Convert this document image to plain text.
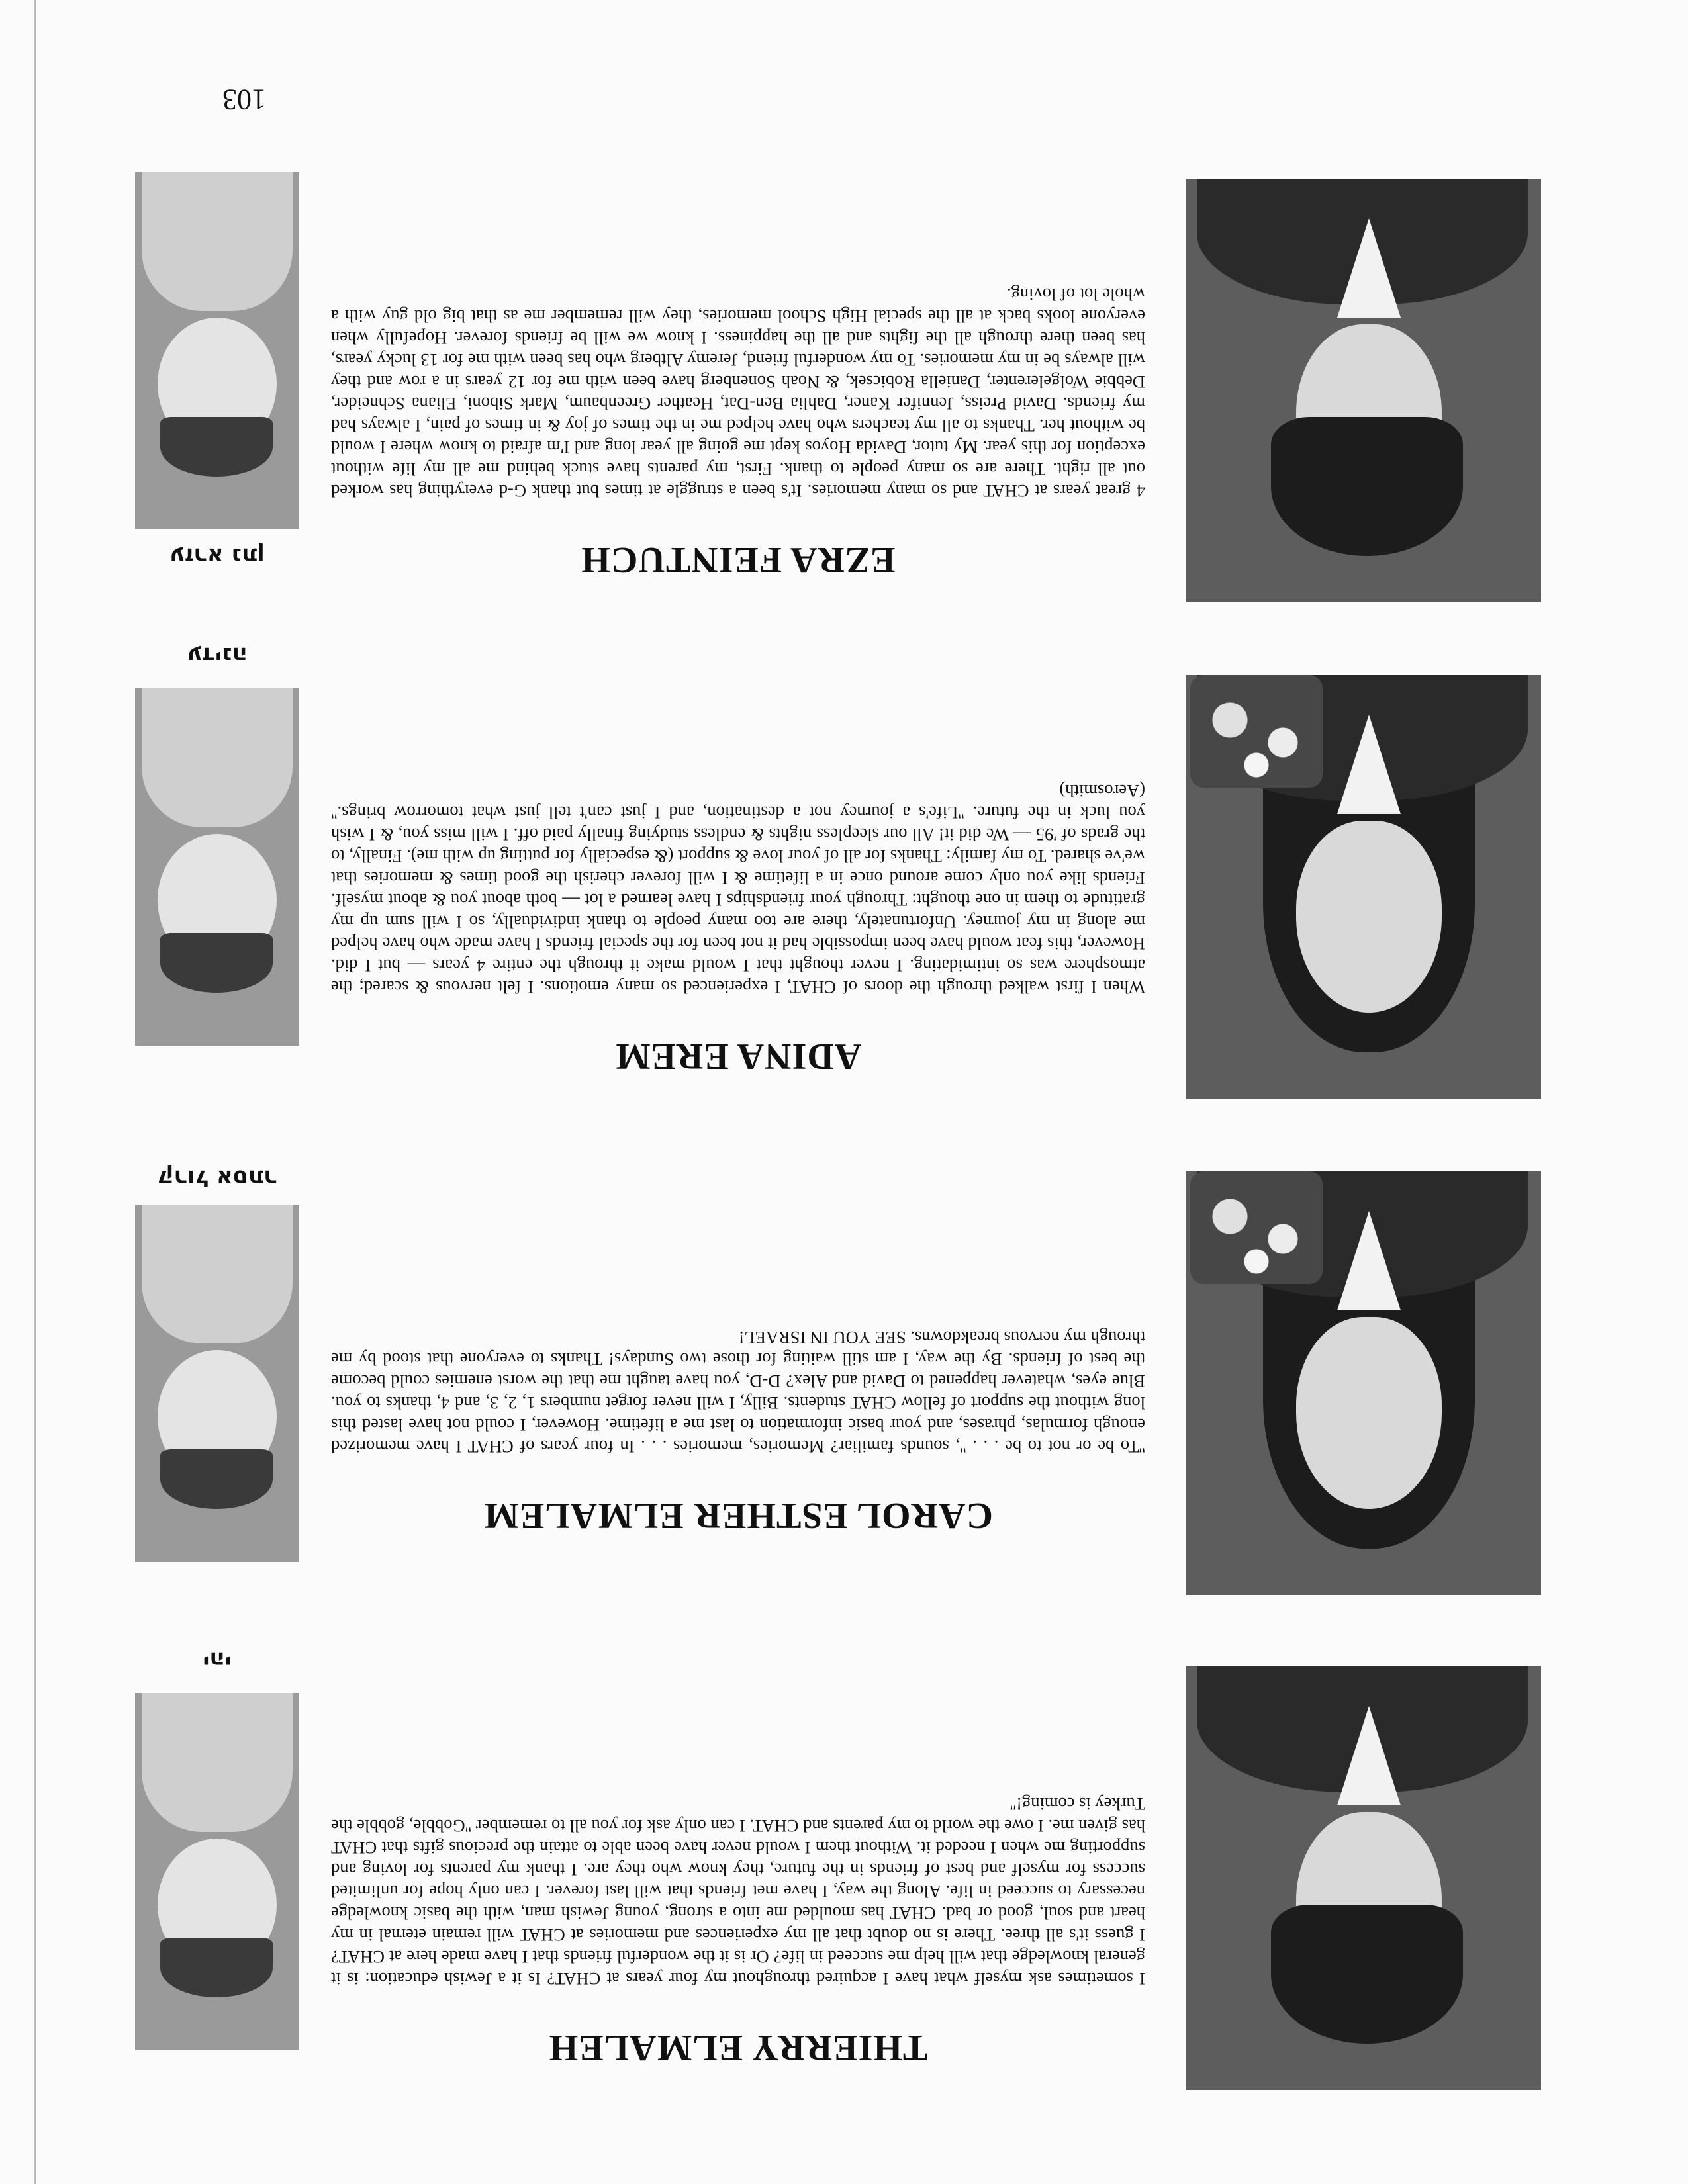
THIERRY ELMALEH

I sometimes ask myself what have I acquired throughout my four years at CHAT? Is it a Jewish education: is it general knowledge that will help me succeed in life? Or is it the wonderful friends that I have made here at CHAT? I guess it's all three. There is no doubt that all my experiences and memories at CHAT will remain eternal in my heart and soul, good or bad. CHAT has moulded me into a strong, young Jewish man, with the basic knowledge necessary to succeed in life. Along the way, I have met friends that will last forever. I can only hope for unlimited success for myself and best of friends in the future, they know who they are. I thank my parents for loving and supporting me when I needed it. Without them I would never have been able to attain the precious gifts that CHAT has given me. I owe the world to my parents and CHAT. I can only ask for you all to remember ''Gobble, gobble the Turkey is coming!''

יהי

CAROL ESTHER ELMALEM

''To be or not to be . . . '', sounds familiar? Memories, memories . . . In four years of CHAT I have memorized enough formulas, phrases, and your basic information to last me a lifetime. However, I could not have lasted this long without the support of fellow CHAT students. Billy, I will never forget numbers 1, 2, 3, and 4, thanks to you. Blue eyes, whatever happened to David and Alex? D-D, you have taught me that the worst enemies could become the best of friends. By the way, I am still waiting for those two Sundays! Thanks to everyone that stood by me through my nervous breakdowns. SEE YOU IN ISRAEL!

קרול אסתר

ADINA EREM

When I first walked through the doors of CHAT, I experienced so many emotions. I felt nervous & scared; the atmosphere was so intimidating. I never thought that I would make it through the entire 4 years — but I did. However, this feat would have been impossible had it not been for the special friends I have made who have helped me along in my journey. Unfortunately, there are too many people to thank individually, so I will sum up my gratitude to them in one thought: Through your friendships I have learned a lot — both about you & about myself. Friends like you only come around once in a lifetime & I will forever cherish the good times & memories that we've shared. To my family: Thanks for all of your love & support (& especially for putting up with me). Finally, to the grads of '95 — We did it! All our sleepless nights & endless studying finally paid off. I will miss you, & I wish you luck in the future. ''Life's a journey not a destination, and I just can't tell just what tomorrow brings.'' (Aerosmith)

עדינה

EZRA FEINTUCH

4 great years at CHAT and so many memories. It's been a struggle at times but thank G-d everything has worked out all right. There are so many people to thank. First, my parents have stuck behind me all my life without exception for this year. My tutor, Davida Hoyos kept me going all year long and I'm afraid to know where I would be without her. Thanks to all my teachers who have helped me in the times of joy & in times of pain, I always had my friends. David Preiss, Jennifer Kaner, Dahlia Ben-Dat, Heather Greenbaum, Mark Siboni, Eliana Schneider, Debbie Wolgelerenter, Daniella Robicsek, & Noah Sonenberg have been with me for 12 years in a row and they will always be in my memories. To my wonderful friend, Jeremy Altberg who has been with me for 13 lucky years, has been there through all the fights and all the happiness. I know we will be friends forever. Hopefully when everyone looks back at all the special High School memories, they will remember me as that big old guy with a whole lot of loving.

עזרא נתן
103
